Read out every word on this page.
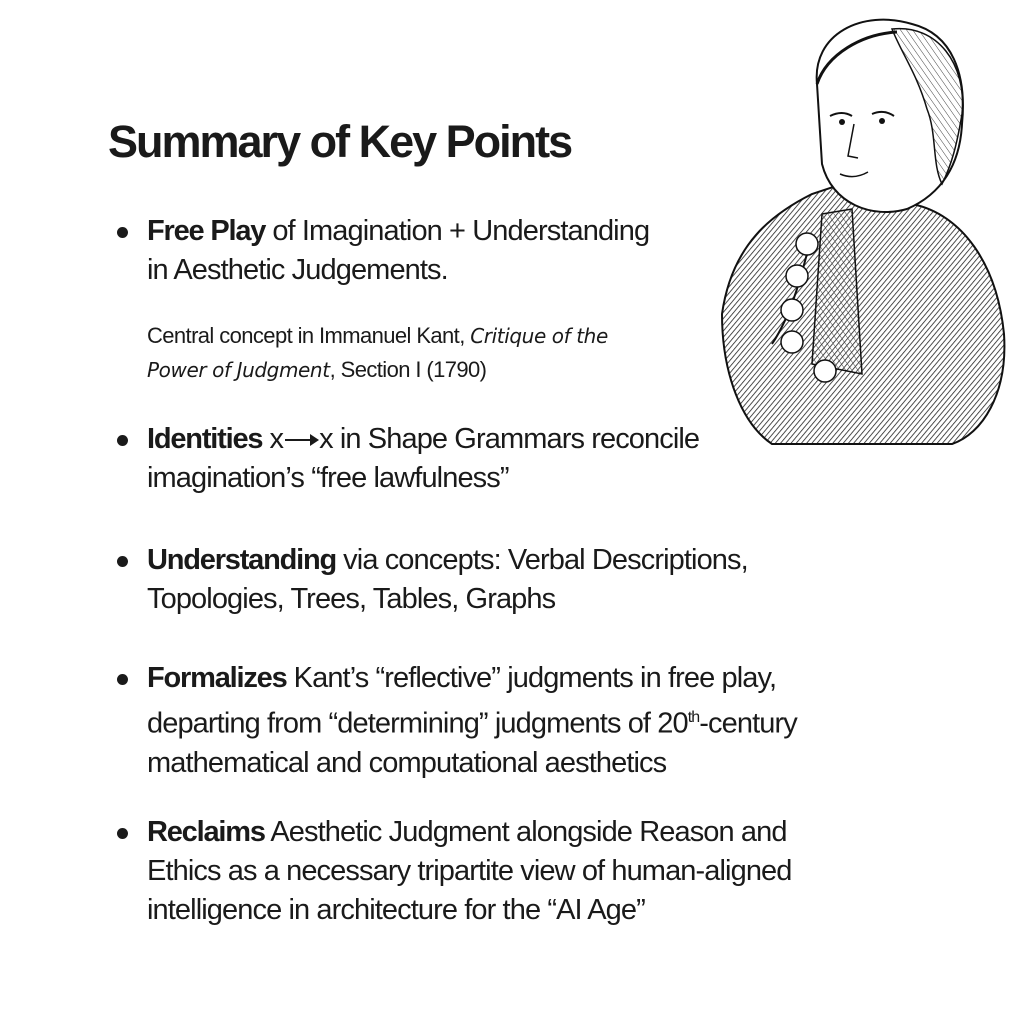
Summary of Key Points
Free Play of Imagination + Understanding
in Aesthetic Judgements.
Central concept in Immanuel Kant, Critique of the
Power of Judgment, Section I (1790)
Identities x x in Shape Grammars reconcile
imagination’s “free lawfulness”
Understanding via concepts: Verbal Descriptions,
Topologies, Trees, Tables, Graphs
Formalizes Kant’s “reflective” judgments in free play,
departing from “determining” judgments of 20th-century
mathematical and computational aesthetics
Reclaims Aesthetic Judgment alongside Reason and
Ethics as a necessary tripartite view of human-aligned
intelligence in architecture for the “AI Age”
